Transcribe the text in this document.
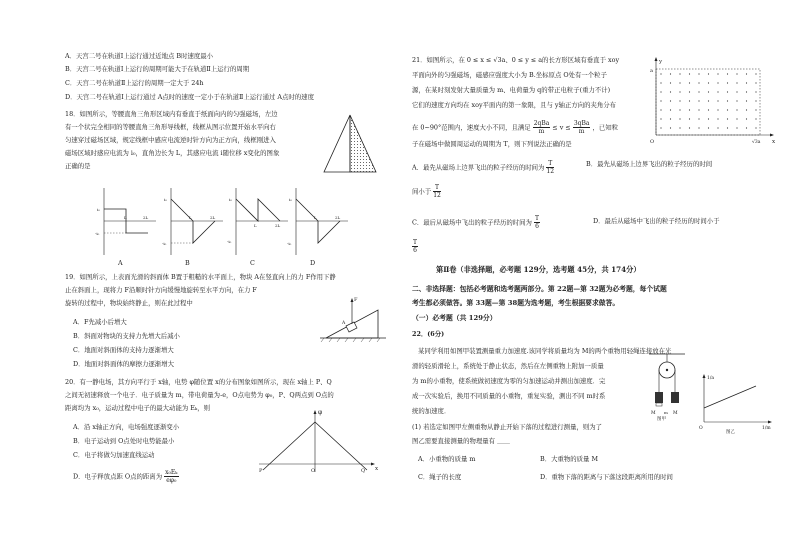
A．天宫二号在轨道Ⅰ上运行通过近地点 B时速度最小
B．天宫二号在轨道Ⅰ上运行的周期可能大于在轨道Ⅱ上运行的周期
C．天宫二号在轨道Ⅱ上运行的周期一定大于 24h
D．天宫二号在轨道Ⅰ上运行通过 A点时的速度一定小于在轨道Ⅱ上运行通过 A点时的速度
18．如图所示，等腰直角三角形区域内有垂直于纸面向内的匀强磁场，左边
有一个状完全相同的等腰直角三角形导线框，线框从图示位置开始水平向右
匀速穿过磁场区域，规定线框中感应电流逆时针方向为正方向，线框刚进入
磁场区域时感应电流为 i₀，直角边长为 L，其感应电流 i随位移 x变化的图象
正确的是
i₀
-i₀
L	2L
A
i₀
-i₀
L	2L
B
i₀
-i₀
L	2L
C
i₀
-i₀
L	2L
D
19．如图所示，上表面光滑的斜面体 B置于粗糙的水平面上，物块 A在竖直向上的力 F作用下静
止在斜面上，现将力 F沿顺时针方向缓慢地旋转至水平方向，在力 F
旋转的过程中，物块始终静止，则在此过程中
A．F先减小后增大
B．斜面对物块的支持力先增大后减小
C．地面对斜面体的支持力逐渐增大
D．地面对斜面体的摩擦力逐渐增大
F
A
20．有一静电场，其方向平行于 x轴，电势 φ随位置 x的分布图象如图所示，现在 x轴上 P、Q
之间无初速释放一个电子．电子质量为 m，带电荷量为-e，O点电势为 φ₀，P、Q两点到 O点的
距离均为 x₀，运动过程中电子的最大动能为 Eₖ，则
A．沿 x轴正方向，电场强度逐渐变小
B．电子运动到 O点处时电势能最小
C．电子将做匀加速直线运动
D．电子释放点距 O点的距离为 $\frac{\text{x₀Eₖ}}{\text{eφ₀}}$
φ
x
P	O	Q
21．如图所示，在 0 ≤ x ≤ √3a、0 ≤ y ≤ a的长方形区域有垂直于 xoy
平面向外的匀强磁场，磁感应强度大小为 B.坐标原点 O处有一个粒子
源，在某时刻发射大量质量为 m、电荷量为 q的带正电粒子(重力不计)
它们的速度方向均在 xoy平面内的第一象限，且与 y轴正方向的夹角分布
在 0~90°范围内，速度大小不同，且满足 $\frac{\text{2qBa}}{m} \le v \le \frac{\text{3qBa}}{m}$ ，已知粒
子在磁场中做圆周运动的周期为 T，则下列说法正确的是
A．最先从磁场上边界飞出的粒子经历的时间为 $\frac{T}{12}$	B．最先从磁场上边界飞出的粒子经历的时间
间小于 $\frac{T}{12}$
C．最后从磁场中飞出的粒子经历的时间为 $\frac{T}{6}$	D．最后从磁场中飞出的粒子经历的时间小于
$\frac{T}{6}$
y
a
O	x
√3a
第Ⅱ卷（非选择题，必考题 129分，选考题 45分，共 174分）
二、非选择题：包括必考题和选考题两部分。第 22题—第 32题为必考题，每个试题
考生都必须做答。第 33题—第 38题为选考题，考生根据要求做答。
（一）必考题（共 129分）
22．(6分)
某同学利用如图甲装置测量重力加速度.该同学将质量均为 M的两个重物用轻绳连接放在光
滑的轻质滑轮上，系统处于静止状态，然后在左侧重物上附加一质量
为 m的小重物，使系统做初速度为零的匀加速运动并测出加速度．完
成一次实验后，换用不同质量的小重物，重复实验，测出不同 m时系
统的加速度．
(1) 若选定如图甲左侧重物从静止开始下落的过程进行测量，则为了
图乙需要直接测量的物理量有 ＿＿
A．小重物的质量 m	B．大重物的质量 M
C．绳子的长度	D．重物下落的距离与下落这段距离所用的时间
M	M
m
图甲
1/a
1/m
O
图乙
